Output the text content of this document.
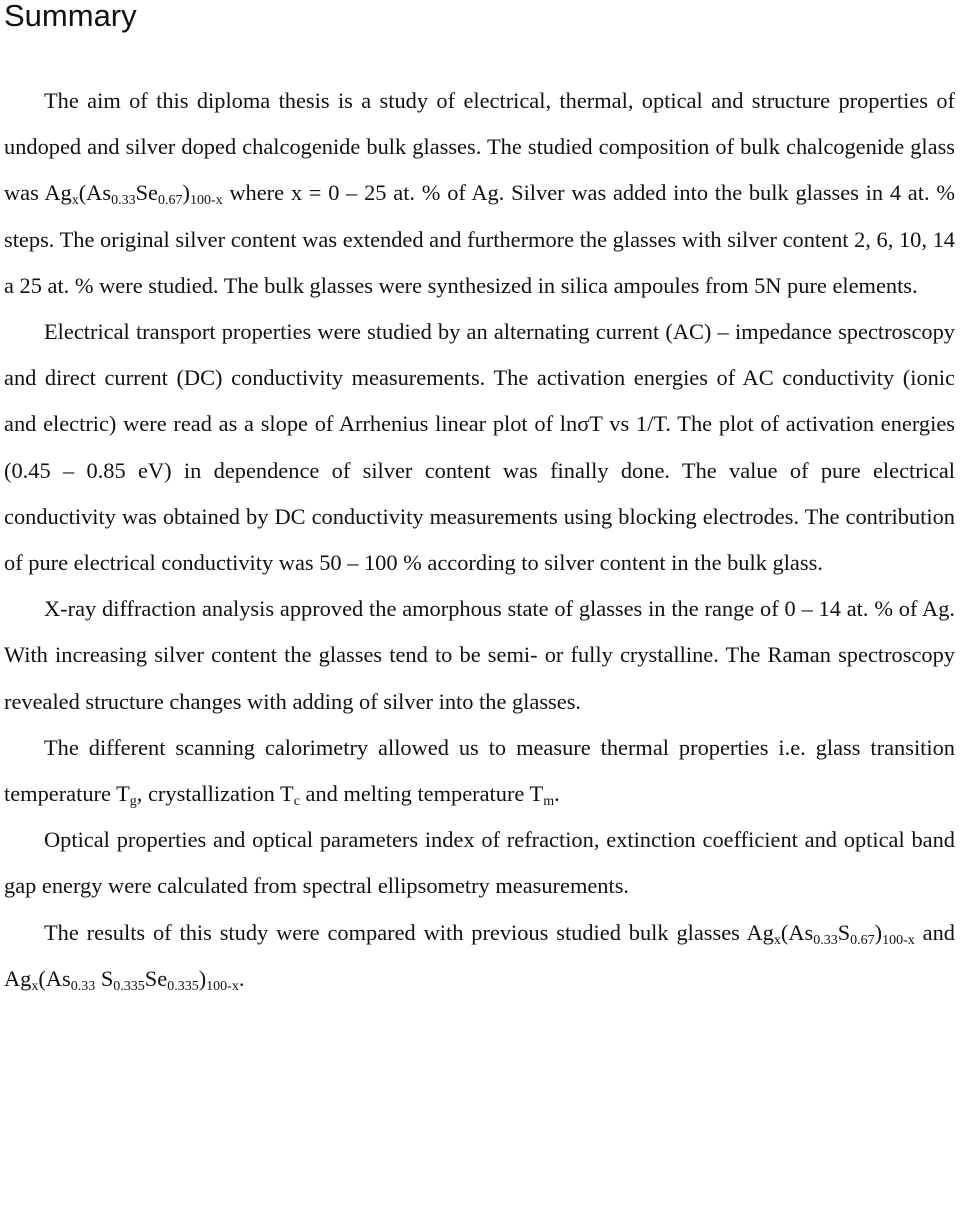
Summary

The aim of this diploma thesis is a study of electrical, thermal, optical and structure properties of undoped and silver doped chalcogenide bulk glasses. The studied composition of bulk chalcogenide glass was $Ag_x(As_{0.33}Se_{0.67})_{100-x}$ where x = 0 – 25 at. % of Ag. Silver was added into the bulk glasses in 4 at. % steps. The original silver content was extended and furthermore the glasses with silver content 2, 6, 10, 14 a 25 at. % were studied. The bulk glasses were synthesized in silica ampoules from 5N pure elements.

Electrical transport properties were studied by an alternating current (AC) – impedance spectroscopy and direct current (DC) conductivity measurements. The activation energies of AC conductivity (ionic and electric) were read as a slope of Arrhenius linear plot of lnσT vs 1/T. The plot of activation energies (0.45 – 0.85 eV) in dependence of silver content was finally done. The value of pure electrical conductivity was obtained by DC conductivity measurements using blocking electrodes. The contribution of pure electrical conductivity was 50 – 100 % according to silver content in the bulk glass.

X-ray diffraction analysis approved the amorphous state of glasses in the range of 0 – 14 at. % of Ag. With increasing silver content the glasses tend to be semi- or fully crystalline. The Raman spectroscopy revealed structure changes with adding of silver into the glasses.

The different scanning calorimetry allowed us to measure thermal properties i.e. glass transition temperature $T_g$, crystallization $T_c$ and melting temperature $T_m$.

Optical properties and optical parameters index of refraction, extinction coefficient and optical band gap energy were calculated from spectral ellipsometry measurements.

The results of this study were compared with previous studied bulk glasses $Ag_x(As_{0.33}S_{0.67})_{100-x}$ and $Ag_x(As_{0.33}$ $S_{0.335}Se_{0.335})_{100-x}$.
